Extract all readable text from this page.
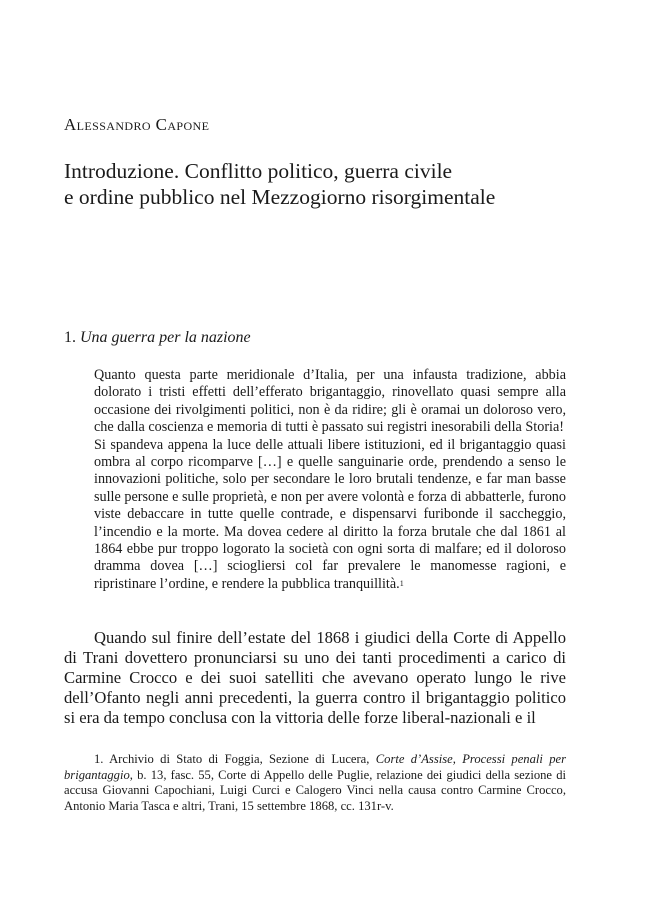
Alessandro Capone

Introduzione. Conflitto politico, guerra civile
e ordine pubblico nel Mezzogiorno risorgimentale
1. Una guerra per la nazione

Quanto questa parte meridionale d’Italia, per una infausta tradizione, abbia dolorato i tristi effetti dell’efferato brigantaggio, rinovellato quasi sempre alla occasione dei rivolgimenti politici, non è da ridire; gli è oramai un doloroso vero, che dalla coscienza e memoria di tutti è passato sui registri inesorabili della Storia!

Si spandeva appena la luce delle attuali libere istituzioni, ed il brigantaggio quasi ombra al corpo ricomparve […] e quelle sanguinarie orde, prendendo a senso le innovazioni politiche, solo per secondare le loro brutali tendenze, e far man basse sulle persone e sulle proprietà, e non per avere volontà e forza di abbatterle, furono viste debaccare in tutte quelle contrade, e dispensarvi furibonde il saccheggio, l’incendio e la morte. Ma dovea cedere al diritto la forza brutale che dal 1861 al 1864 ebbe pur troppo logorato la società con ogni sorta di malfare; ed il doloroso dramma dovea […] sciogliersi col far prevalere le manomesse ragioni, e ripristinare l’ordine, e rendere la pubblica tranquillità.$^1$

Quando sul finire dell’estate del 1868 i giudici della Corte di Appello di Trani dovettero pronunciarsi su uno dei tanti procedimenti a carico di Carmine Crocco e dei suoi satelliti che avevano operato lungo le rive dell’Ofanto negli anni precedenti, la guerra contro il brigantaggio politico si era da tempo conclusa con la vittoria delle forze liberal-nazionali e il

1. Archivio di Stato di Foggia, Sezione di Lucera, Corte d’Assise, Processi penali per brigantaggio, b. 13, fasc. 55, Corte di Appello delle Puglie, relazione dei giudici della sezione di accusa Giovanni Capochiani, Luigi Curci e Calogero Vinci nella causa contro Carmine Crocco, Antonio Maria Tasca e altri, Trani, 15 settembre 1868, cc. 131r-v.
